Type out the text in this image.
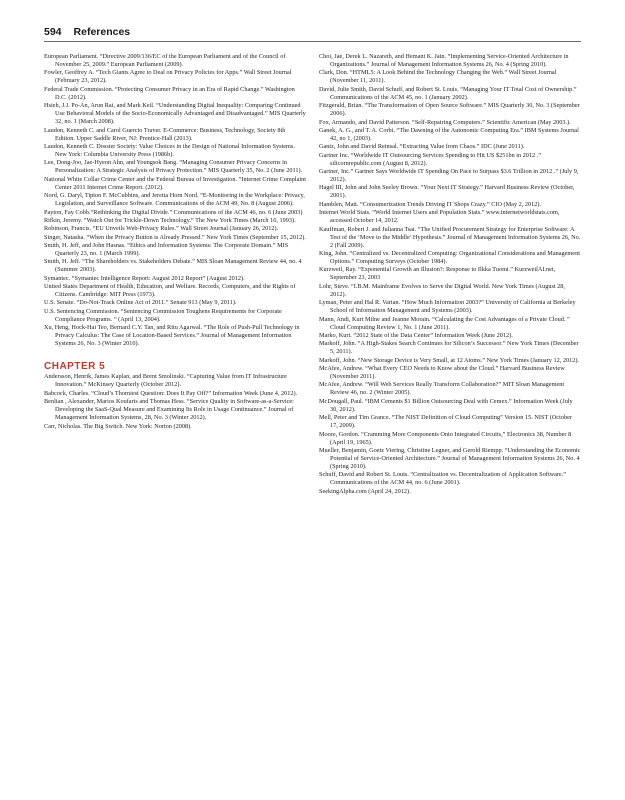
594 References

European Parliament. “Directive 2009/136/EC of the European Parliament and of the Council of November 25, 2009.” European Parliament (2009).

Fowler, Geoffrey A. “Tech Giants Agree to Deal on Privacy Policies for Apps.” Wall Street Journal (February 23, 2012).

Federal Trade Commission. “Protecting Consumer Privacy in an Era of Rapid Change.” Washington D.C. (2012).

Hsieh, J.J. Po-An, Arun Rai, and Mark Keil. “Understanding Digital Inequality: Comparing Continued Use Behavioral Models of the Socio-Economically Advantaged and Disadvantaged.” MIS Quarterly 32, no. 1 (March 2008).

Laudon, Kenneth C. and Carol Guercio Traver. E-Commerce: Business, Technology, Society 8th Edition. Upper Saddle River, NJ: Prentice-Hall (2013).

Laudon, Kenneth C. Dossier Society: Value Choices in the Design of National Information Systems. New York: Columbia University Press (1986b).

Lee, Dong-Joo, Jae-Hyeon Ahn, and Youngsok Bang. “Managing Consumer Privacy Concerns in Personalization: A Strategic Analysis of Privacy Protection.” MIS Quarterly 35, No. 2 (June 2011).

National White Collar Crime Center and the Federal Bureau of Investigation. “Internet Crime Complaint Center 2011 Internet Crime Report. (2012).

Nord, G. Daryl, Tipton F. McCubbins, and Jeretta Horn Nord. “E-Monitoring in the Workplace: Privacy, Legislation, and Surveillance Software. Communications of the ACM 49, No. 8 (August 2006).

Payton, Fay Cobb.“Rethinking the Digital Divide.” Communications of the ACM 46, no. 6 (June 2003)

Rifkin, Jeremy. “Watch Out for Trickle-Down Technology.” The New York Times (March 16, 1993).

Robinson, Francis. “EU Unveils Web-Privacy Rules.” Wall Street Journal (January 26, 2012).

Singer, Natasha. “When the Privacy Button is Already Pressed.” New York Times (September 15, 2012).

Smith, H. Jeff, and John Hasnas. “Ethics and Information Systems: The Corporate Domain.” MIS Quarterly 23, no. 1 (March 1999).

Smith, H. Jeff. “The Shareholders vs. Stakeholders Debate.” MIS Sloan Management Review 44, no. 4 (Summer 2003).

Symantec. “Symantec Intelligence Report: August 2012 Report” (August 2012).

United States Department of Health, Education, and Welfare. Records, Computers, and the Rights of Citizens. Cambridge: MIT Press (1973).

U.S. Senate. “Do-Not-Track Online Act of 2011.” Senate 913 (May 9, 2011).

U.S. Sentencing Commission. “Sentencing Commission Toughens Requirements for Corporate Compliance Programs. ” (April 13, 2004).

Xu, Heng, Hock-Hai Teo, Bernard C.Y. Tan, and Ritu Agarwal. “The Role of Push-Pull Technology in Privacy Calculus: The Case of Location-Based Services.” Journal of Management Information Systems 26, No. 3 (Winter 2010).

CHAPTER 5

Andersson, Henrik, James Kaplan, and Brent Smolinski. “Capturing Value from IT Infrastructure Innovation.” McKinsey Quarterly (October 2012).

Babcock, Charles. “Cloud’s Thorniest Question: Does It Pay Off?” Information Week (June 4, 2012).

Benlian , Alexander, Marios Koufaris and Thomas Hess. “Service Quality in Software-as-a-Service: Developing the SaaS-Qual Measure and Examining Its Role in Usage Continuance.” Journal of Management Information Systems, 28, No. 3 (Winter 2012).

Carr, Nicholas. The Big Switch. New York: Norton (2008).

Choi, Jae, Derek L. Nazareth, and Hemant K. Jain. “Implementing Service-Oriented Architecture in Organizations.” Journal of Management Information Systems 26, No. 4 (Spring 2010).

Clark, Don. “HTML5: A Look Behind the Technology Changing the Web.” Wall Street Journal (November 11, 2011).

David, Julie Smith, David Schuff, and Robert St. Louis. “Managing Your IT Total Cost of Ownership.” Communications of the ACM 45, no. 1 (January 2002).

Fitzgerald, Brian. “The Transformation of Open Source Software.” MIS Quarterly 30, No. 3 (September 2006).

Fox, Armando, and David Patterson. “Self-Repairing Computers.” Scientific American (May 2003.).

Ganek, A. G., and T. A. Corbi. “The Dawning of the Autonomic Computing Era.” IBM Systems Journal 42, no 1, (2003).

Gantz, John and David Reinsal. “Extracting Value from Chaos.” IDC (June 2011).

Gartner Inc. “Worldwide IT Outsourcing Services Spending to Hit US $251bn in 2012 .” silicornrepublic.com (August 8, 2012).

Gartner, Inc.” Gartner Says Worldwide IT Spending On Pace to Surpass $3.6 Trillion in 2012 .” (July 9, 2012).

Hagel III, John and John Seeley Brown. “Your Next IT Strategy.” Harvard Business Review (October, 2001).

Hamblen, Matt. “Consumerization Trends Driving IT Shops Crazy.” CIO (May 2, 2012).

Internet World Stats. “World Internet Users and Population Stats.” www.internetworldstats.com, accessed October 14, 2012.

Kauffman, Robert J. and Julianna Tsai. “The Unified Procurement Strategy for Enterprise Software: A Test of the ‘Move to the Middle’ Hypothesis.” Journal of Management Information Systems 26, No. 2 (Fall 2009).

King, John. “Centralized vs. Decentralized Computing: Organizational Considerations and Management Options.” Computing Surveys (October 1984).

Kurzweil, Ray. “Exponential Growth an Illusion?: Response to Ilkka Tuomi.” KurzweilAI.net, September 23, 2003

Lohr, Steve. “I.B.M. Mainframe Evolves to Serve the Digital World. New York Times (August 28, 2012).

Lyman, Peter and Hal R. Varian. “How Much Information 2003?” University of California at Berkeley School of Information Management and Systems (2003).

Mann, Andi, Kurt Milne and Jeanne Morain. “Calculating the Cost Advantages of a Private Cloud. ” Cloud Computing Review 1, No. 1 (June 2011).

Marko, Kurt. “2012 State of the Data Center” Information Week (June 2012).

Markoff, John. “A High-Stakes Search Continues for Silicon’s Successor.” New York Times (December 5, 2011).

Markoff, John. “New Storage Device is Very Small, at 12 Atoms.” New York Times (January 12, 2012).

McAfee, Andrew. “What Every CEO Needs to Know about the Cloud.” Harvard Business Review (November 2011).

McAfee, Andrew. “Will Web Services Really Transform Collaboration?” MIT Sloan Management Review 46, no. 2 (Winter 2005).

McDougall, Paul. “IBM Cements $1 Billion Outsourcing Deal with Cemex.” Information Week (July 30, 2012).

Mell, Peter and Tim Grance. “The NIST Definition of Cloud Computing” Version 15. NIST (October 17, 2009).

Moore, Gordon. “Cramming More Components Onto Integrated Circuits,” Electronics 38, Number 8 (April 19, 1965).

Mueller, Benjamin, Goetz Viering, Christine Legner, and Gerold Riempp. “Understanding the Economic Potential of Service-Oriented Architecture.” Journal of Management Information Systems 26, No. 4 (Spring 2010).

Schuff, David and Robert St. Louis. “Centralization vs. Decentralization of Application Software.” Communications of the ACM 44, no. 6 (June 2001).

SeekingAlpha.com (April 24, 2012).
